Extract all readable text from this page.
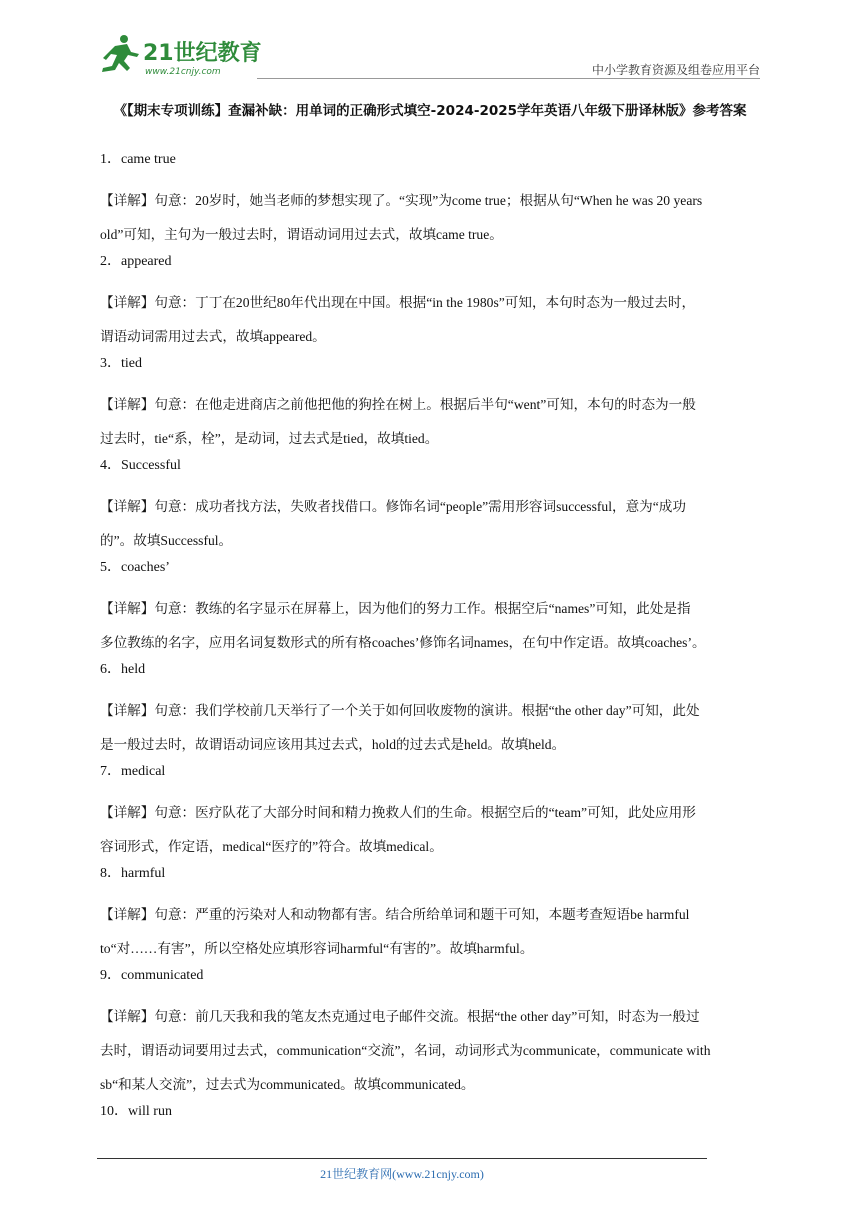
21世纪教育
www.21cnjy.com	中小学教育资源及组卷应用平台
《【期末专项训练】查漏补缺：用单词的正确形式填空-2024-2025学年英语八年级下册译林版》参考答案
1．came true
【详解】句意：20岁时，她当老师的梦想实现了。“实现”为come true；根据从句“When he was 20 years
old”可知，主句为一般过去时，谓语动词用过去式，故填came true。
2．appeared
【详解】句意：丁丁在20世纪80年代出现在中国。根据“in the 1980s”可知，本句时态为一般过去时，
谓语动词需用过去式，故填appeared。
3．tied
【详解】句意：在他走进商店之前他把他的狗拴在树上。根据后半句“went”可知，本句的时态为一般
过去时，tie“系，栓”，是动词，过去式是tied，故填tied。
4．Successful
【详解】句意：成功者找方法，失败者找借口。修饰名词“people”需用形容词successful，意为“成功
的”。故填Successful。
5．coaches’
【详解】句意：教练的名字显示在屏幕上，因为他们的努力工作。根据空后“names”可知，此处是指
多位教练的名字，应用名词复数形式的所有格coaches’修饰名词names，在句中作定语。故填coaches’。
6．held
【详解】句意：我们学校前几天举行了一个关于如何回收废物的演讲。根据“the other day”可知，此处
是一般过去时，故谓语动词应该用其过去式，hold的过去式是held。故填held。
7．medical
【详解】句意：医疗队花了大部分时间和精力挽救人们的生命。根据空后的“team”可知，此处应用形
容词形式，作定语，medical“医疗的”符合。故填medical。
8．harmful
【详解】句意：严重的污染对人和动物都有害。结合所给单词和题干可知，本题考查短语be harmful
to“对……有害”，所以空格处应填形容词harmful“有害的”。故填harmful。
9．communicated
【详解】句意：前几天我和我的笔友杰克通过电子邮件交流。根据“the other day”可知，时态为一般过
去时，谓语动词要用过去式，communication“交流”，名词，动词形式为communicate，communicate with
sb“和某人交流”，过去式为communicated。故填communicated。
10．will run
21世纪教育网(www.21cnjy.com)
